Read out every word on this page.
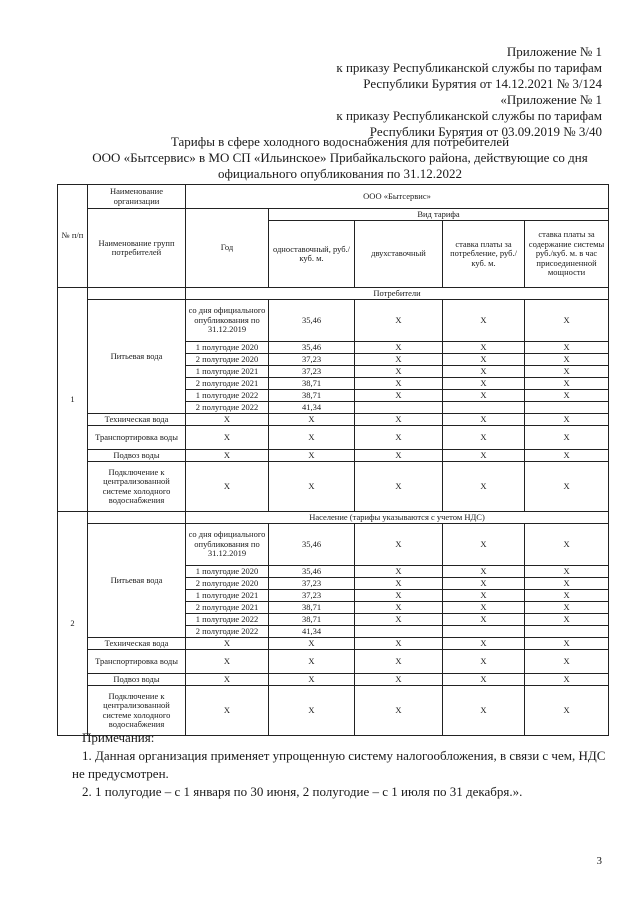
Приложение № 1
к приказу Республиканской службы по тарифам
Республики Бурятия от 14.12.2021 № 3/124
«Приложение № 1
к приказу Республиканской службы по тарифам
Республики Бурятия от 03.09.2019 № 3/40
Тарифы в сфере холодного водоснабжения для потребителей
ООО «Бытсервис» в МО СП «Ильинское» Прибайкальского района, действующие со дня
официального опубликования по 31.12.2022
№ п/п	Наименование организации	ООО «Бытсервис»				
	Наименование групп потребителей	Год	Вид тарифа			
			одноставочный, руб./ куб. м.	двухставочный	ставка платы за потребление, руб./ куб. м.	ставка платы за содержание системы руб./куб. м. в час присоединенной мощности
1		Потребители				
	Питьевая вода	со дня официального опубликования по 31.12.2019	35,46	X	X	X
		1 полугодие 2020	35,46	X	X	X
		2 полугодие 2020	37,23	X	X	X
		1 полугодие 2021	37,23	X	X	X
		2 полугодие 2021	38,71	X	X	X
		1 полугодие 2022	38,71	X	X	X
		2 полугодие 2022	41,34			
	Техническая вода	X	X	X	X	X
	Транспортировка воды	X	X	X	X	X
	Подвоз воды	X	X	X	X	X
	Подключение к централизованной системе холодного водоснабжения	X	X	X	X	X
2		Население (тарифы указываются с учетом НДС)				
	Питьевая вода	со дня официального опубликования по 31.12.2019	35,46	X	X	X
		1 полугодие 2020	35,46	X	X	X
		2 полугодие 2020	37,23	X	X	X
		1 полугодие 2021	37,23	X	X	X
		2 полугодие 2021	38,71	X	X	X
		1 полугодие 2022	38,71	X	X	X
		2 полугодие 2022	41,34			
	Техническая вода	X	X	X	X	X
	Транспортировка воды	X	X	X	X	X
	Подвоз воды	X	X	X	X	X
	Подключение к централизованной системе холодного водоснабжения	X	X	X	X	X
Примечания:
1. Данная организация применяет упрощенную систему налогообложения, в связи с чем, НДС не предусмотрен.
2. 1 полугодие – с 1 января по 30 июня, 2 полугодие – с 1 июля по 31 декабря.».
3
